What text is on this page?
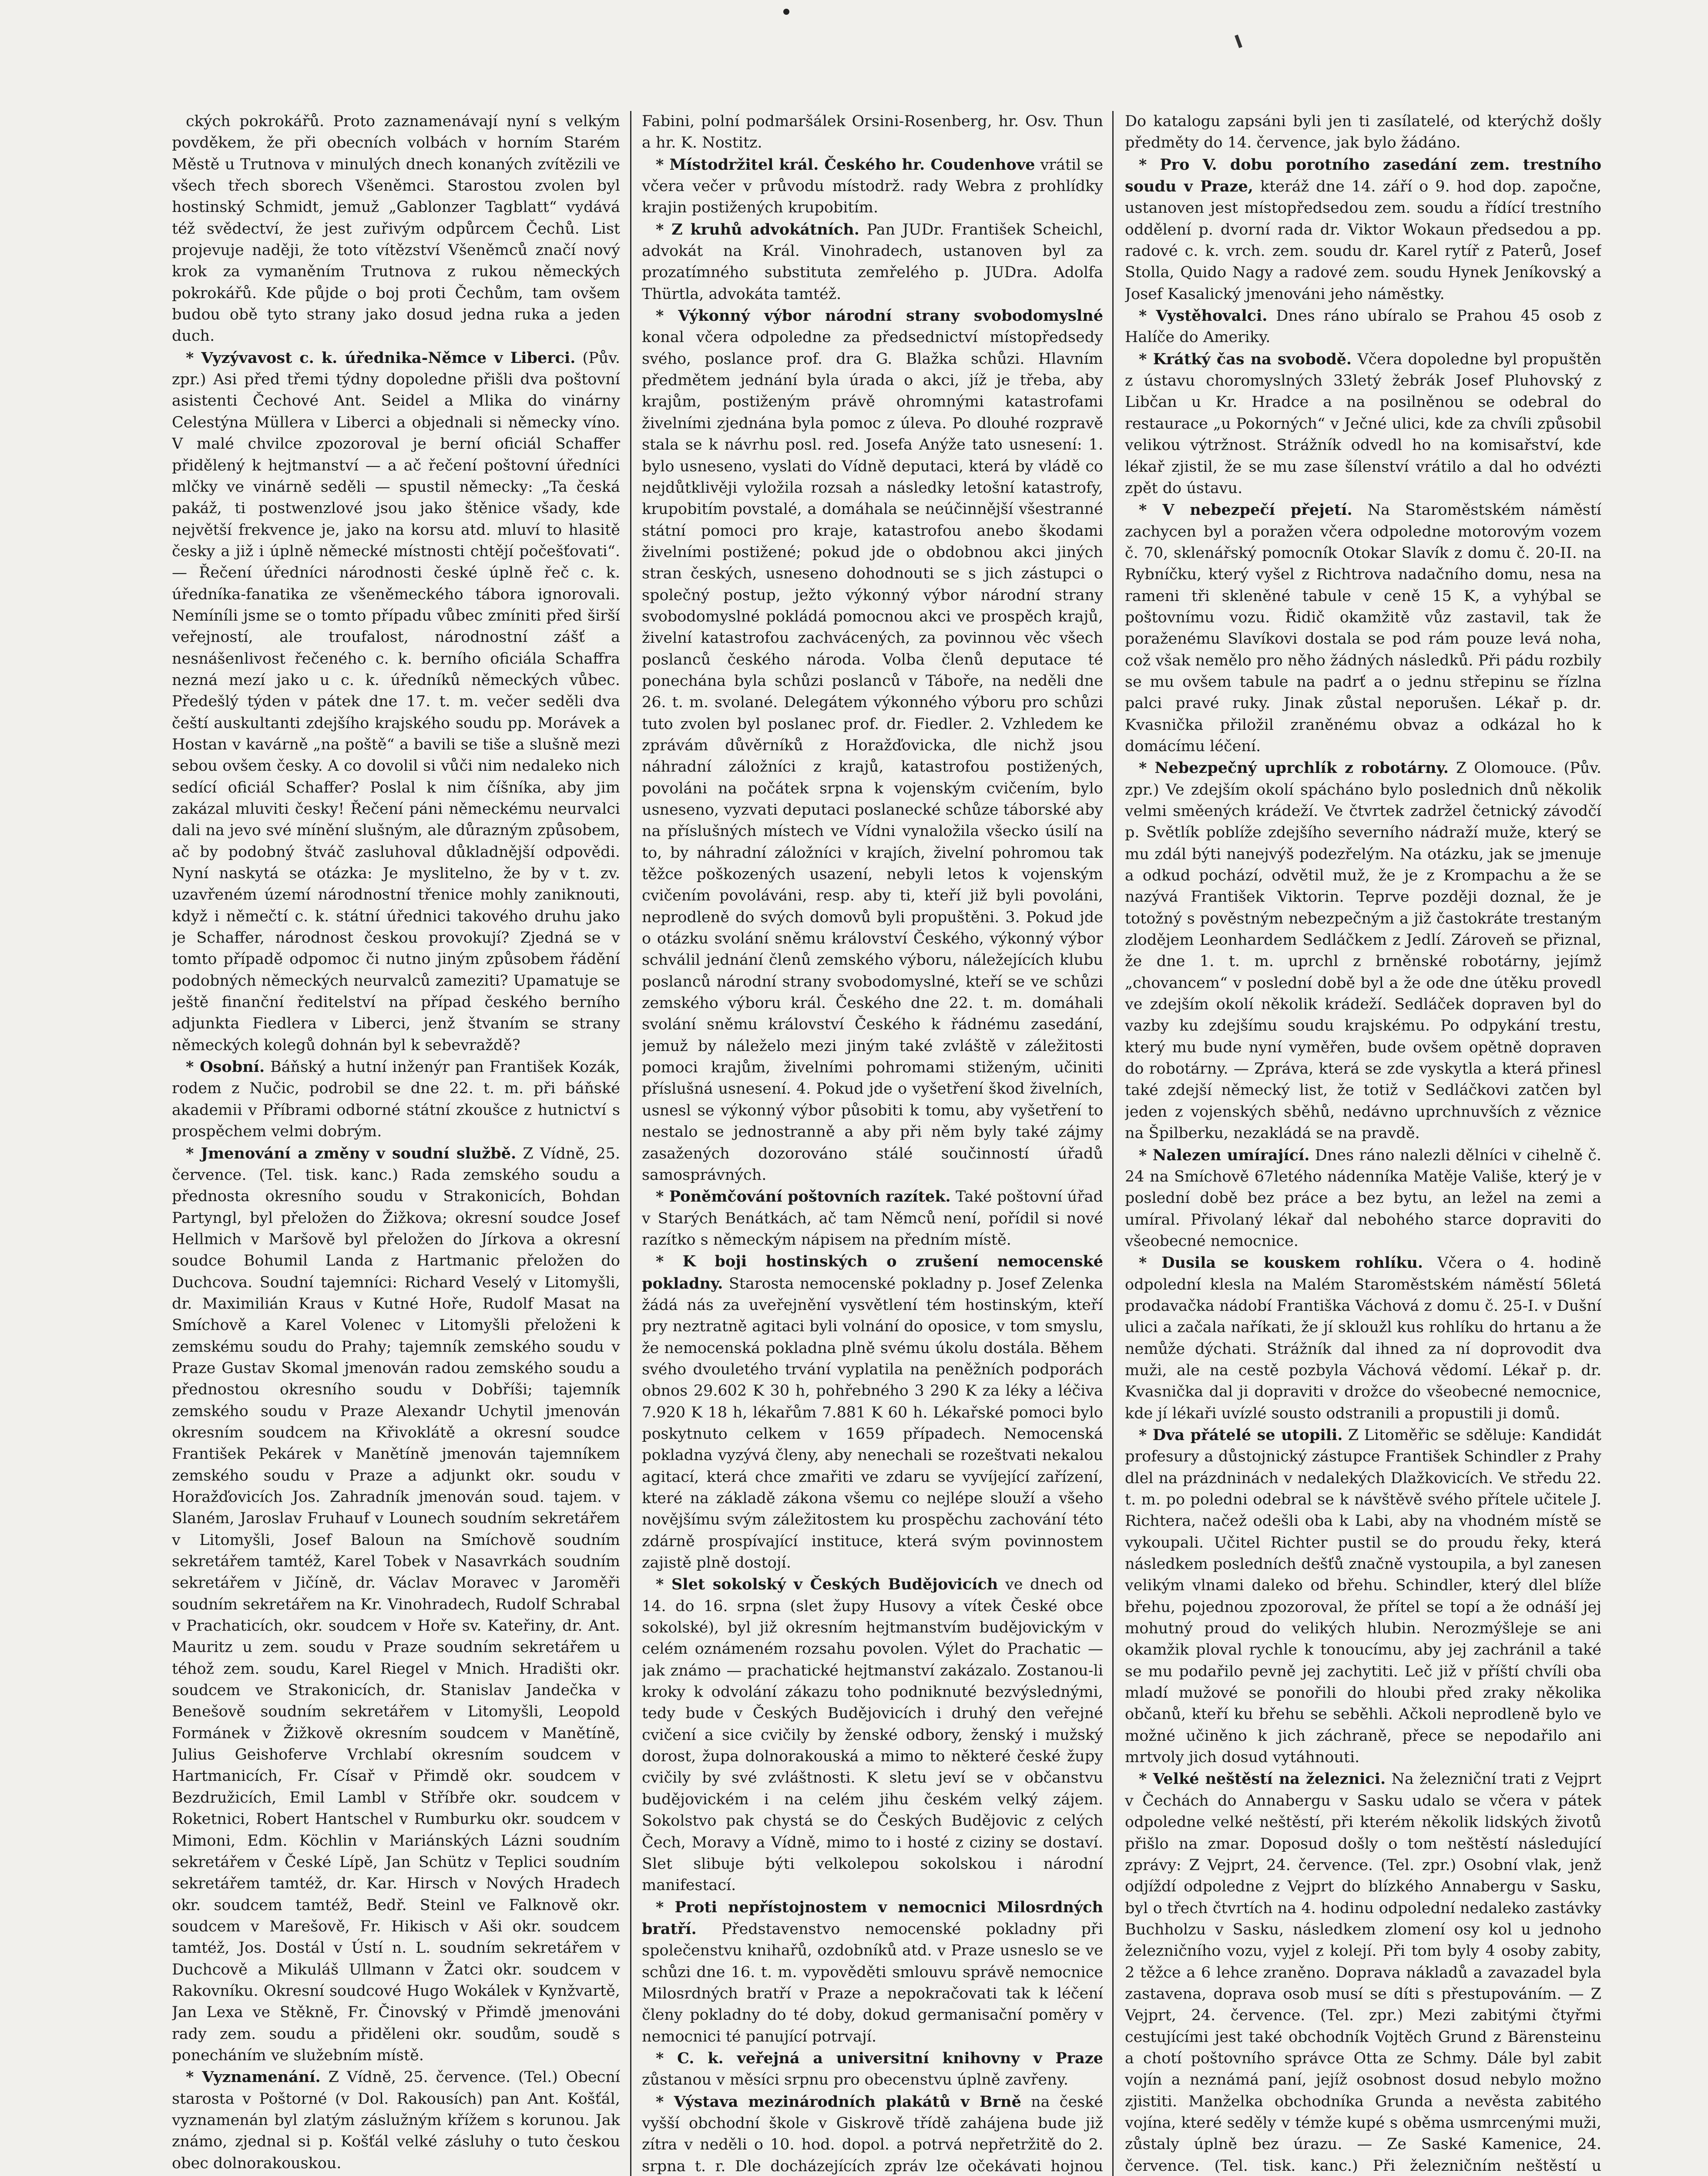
ckých pokrokářů. Proto zaznamenávají nyní s velkým povděkem, že při obecních volbách v horním Starém Městě u Trutnova v minulých dnech konaných zvítězili ve všech třech sborech Všeněmci. Starostou zvolen byl hostinský Schmidt, jemuž „Gablonzer Tagblatt“ vydává též svědectví, že jest zuřivým odpůrcem Čechů. List projevuje naději, že toto vítězství Všeněmců značí nový krok za vymaněním Trutnova z rukou německých pokrokářů. Kde půjde o boj proti Čechům, tam ovšem budou obě tyto strany jako dosud jedna ruka a jeden duch.

* Vyzývavost c. k. úřednika-Němce v Liberci. (Pův. zpr.) Asi před třemi týdny dopoledne přišli dva poštovní asistenti Čechové Ant. Seidel a Mlika do vinárny Celestýna Müllera v Liberci a objednali si německy víno. V malé chvilce zpozoroval je berní oficiál Schaffer přidělený k hejtmanství — a ač řečení poštovní úředníci mlčky ve vinárně seděli — spustil německy: „Ta česká pakáž, ti postwenzlové jsou jako štěnice všady, kde největší frekvence je, jako na korsu atd. mluví to hlasitě česky a již i úplně německé místnosti chtějí počešťovati“. — Řečení úředníci národnosti české úplně řeč c. k. úředníka-fanatika ze všeněmeckého tábora ignorovali. Nemíníli jsme se o tomto případu vůbec zmíniti před širší veřejností, ale troufalost, národnostní zášť a nesnášenlivost řečeného c. k. berního oficiála Schaffra nezná mezí jako u c. k. úředníků německých vůbec. Předešlý týden v pátek dne 17. t. m. večer seděli dva čeští auskultanti zdejšího krajského soudu pp. Morávek a Hostan v kavárně „na poště“ a bavili se tiše a slušně mezi sebou ovšem česky. A co dovolil si vůči nim nedaleko nich sedící oficiál Schaffer? Poslal k nim číšníka, aby jim zakázal mluviti česky! Řečení páni německému neurvalci dali na jevo své mínění slušným, ale důrazným způsobem, ač by podobný štváč zasluhoval důkladnější odpovědi. Nyní naskytá se otázka: Je myslitelno, že by v t. zv. uzavřeném území národnostní třenice mohly zaniknouti, když i němečtí c. k. státní úřednici takového druhu jako je Schaffer, národnost českou provokují? Zjedná se v tomto případě odpomoc či nutno jiným způsobem řádění podobných německých neurvalců zameziti? Upamatuje se ještě finanční ředitelství na případ českého berního adjunkta Fiedlera v Liberci, jenž štvaním se strany německých kolegů dohnán byl k sebevraždě?

* Osobní. Báňský a hutní inženýr pan František Kozák, rodem z Nučic, podrobil se dne 22. t. m. při báňské akademii v Příbrami odborné státní zkoušce z hutnictví s prospěchem velmi dobrým.

* Jmenování a změny v soudní službě. Z Vídně, 25. července. (Tel. tisk. kanc.) Rada zemského soudu a přednosta okresního soudu v Strakonicích, Bohdan Partyngl, byl přeložen do Žižkova; okresní soudce Josef Hellmich v Maršově byl přeložen do Jírkova a okresní soudce Bohumil Landa z Hartmanic přeložen do Duchcova. Soudní tajemníci: Richard Veselý v Litomyšli, dr. Maximilián Kraus v Kutné Hoře, Rudolf Masat na Smíchově a Karel Volenec v Litomyšli přeloženi k zemskému soudu do Prahy; tajemník zemského soudu v Praze Gustav Skomal jmenován radou zemského soudu a přednostou okresního soudu v Dobříši; tajemník zemského soudu v Praze Alexandr Uchytil jmenován okresním soudcem na Křivoklátě a okresní soudce František Pekárek v Manětíně jmenován tajemníkem zemského soudu v Praze a adjunkt okr. soudu v Horažďovicích Jos. Zahradník jmenován soud. tajem. v Slaném, Jaroslav Fruhauf v Lounech soudním sekretářem v Litomyšli, Josef Baloun na Smíchově soudním sekretářem tamtéž, Karel Tobek v Nasavrkách soudním sekretářem v Jičíně, dr. Václav Moravec v Jaroměři soudním sekretářem na Kr. Vinohradech, Rudolf Schrabal v Prachaticích, okr. soudcem v Hoře sv. Kateřiny, dr. Ant. Mauritz u zem. soudu v Praze soudním sekretářem u téhož zem. soudu, Karel Riegel v Mnich. Hradišti okr. soudcem ve Strakonicích, dr. Stanislav Jandečka v Benešově soudním sekretářem v Litomyšli, Leopold Formánek v Žižkově okresním soudcem v Manětíně, Julius Geishoferve Vrchlabí okresním soudcem v Hartmanicích, Fr. Císař v Přimdě okr. soudcem v Bezdružicích, Emil Lambl v Stříbře okr. soudcem v Roketnici, Robert Hantschel v Rumburku okr. soudcem v Mimoni, Edm. Köchlin v Mariánských Lázni soudním sekretářem v České Lípě, Jan Schütz v Teplici soudním sekretářem tamtéž, dr. Kar. Hirsch v Nových Hradech okr. soudcem tamtéž, Bedř. Steinl ve Falknově okr. soudcem v Marešově, Fr. Hikisch v Aši okr. soudcem tamtéž, Jos. Dostál v Ústí n. L. soudním sekretářem v Duchcově a Mikuláš Ullmann v Žatci okr. soudcem v Rakovníku. Okresní soudcové Hugo Wokálek v Kynžvartě, Jan Lexa ve Stěkně, Fr. Činovský v Přimdě jmenováni rady zem. soudu a přiděleni okr. soudům, soudě s ponecháním ve služebním místě.

* Vyznamenání. Z Vídně, 25. července. (Tel.) Obecní starosta v Poštorné (v Dol. Rakousích) pan Ant. Košťál, vyznamenán byl zlatým záslužným křížem s korunou. Jak známo, zjednal si p. Košťál velké zásluhy o tuto českou obec dolnorakouskou.

Fabini, polní podmaršálek Orsini-Rosenberg, hr. Osv. Thun a hr. K. Nostitz.

* Místodržitel král. Českého hr. Coudenhove vrátil se včera večer v průvodu místodrž. rady Webra z prohlídky krajin postižených krupobitím.

* Z kruhů advokátních. Pan JUDr. František Scheichl, advokát na Král. Vinohradech, ustanoven byl za prozatímného substituta zemřelého p. JUDra. Adolfa Thürtla, advokáta tamtéž.

* Výkonný výbor národní strany svobodomyslné konal včera odpoledne za předsednictví místopředsedy svého, poslance prof. dra G. Blažka schůzi. Hlavním předmětem jednání byla úrada o akci, jíž je třeba, aby krajům, postiženým právě ohromnými katastrofami živelními zjednána byla pomoc z úleva. Po dlouhé rozpravě stala se k návrhu posl. red. Josefa Anýže tato usnesení: 1. bylo usneseno, vyslati do Vídně deputaci, která by vládě co nejdůtklivěji vyložila rozsah a následky letošní katastrofy, krupobitím povstalé, a domáhala se neúčinnější všestranné státní pomoci pro kraje, katastrofou anebo škodami živelními postižené; pokud jde o obdobnou akci jiných stran českých, usneseno dohodnouti se s jich zástupci o společný postup, ježto výkonný výbor národní strany svobodomyslné pokládá pomocnou akci ve prospěch krajů, živelní katastrofou zachvácených, za povinnou věc všech poslanců českého národa. Volba členů deputace té ponechána byla schůzi poslanců v Táboře, na neděli dne 26. t. m. svolané. Delegátem výkonného výboru pro schůzi tuto zvolen byl poslanec prof. dr. Fiedler. 2. Vzhledem ke zprávám důvěrníků z Horažďovicka, dle nichž jsou náhradní záložníci z krajů, katastrofou postižených, povoláni na počátek srpna k vojenským cvičením, bylo usneseno, vyzvati deputaci poslanecké schůze táborské aby na příslušných místech ve Vídni vynaložila všecko úsilí na to, by náhradní záložníci v krajích, živelní pohromou tak těžce poškozených usazení, nebyli letos k vojenským cvičením povoláváni, resp. aby ti, kteří již byli povoláni, neprodleně do svých domovů byli propuštěni. 3. Pokud jde o otázku svolání sněmu království Českého, výkonný výbor schválil jednání členů zemského výboru, náležejících klubu poslanců národní strany svobodomyslné, kteří se ve schůzi zemského výboru král. Českého dne 22. t. m. domáhali svolání sněmu království Českého k řádnému zasedání, jemuž by náleželo mezi jiným také zvláště v záležitosti pomoci krajům, živelními pohromami stiženým, učiniti příslušná usnesení. 4. Pokud jde o vyšetření škod živelních, usnesl se výkonný výbor působiti k tomu, aby vyšetření to nestalo se jednostranně a aby při něm byly také zájmy zasažených dozorováno stálé součinností úřadů samosprávných.

* Poněmčování poštovních razítek. Také poštovní úřad v Starých Benátkách, ač tam Němců není, pořídil si nové razítko s německým nápisem na předním místě.

* K boji hostinských o zrušení nemocenské pokladny. Starosta nemocenské pokladny p. Josef Zelenka žádá nás za uveřejnění vysvětlení tém hostinským, kteří pry neztratně agitaci byli volnání do oposice, v tom smyslu, že nemocenská pokladna plně svému úkolu dostála. Během svého dvouletého trvání vyplatila na peněžních podporách obnos 29.602 K 30 h, pohřebného 3 290 K za léky a léčiva 7.920 K 18 h, lékařům 7.881 K 60 h. Lékařské pomoci bylo poskytnuto celkem v 1659 případech. Nemocenská pokladna vyzývá členy, aby nenechali se rozeštvati nekalou agitací, která chce zmařiti ve zdaru se vyvíjející zařízení, které na základě zákona všemu co nejlépe slouží a všeho novějšímu svým záležitostem ku prospěchu zachování této zdárně prospívající instituce, která svým povinnostem zajistě plně dostojí.

* Slet sokolský v Českých Budějovicích ve dnech od 14. do 16. srpna (slet župy Husovy a vítek České obce sokolské), byl již okresním hejtmanstvím budějovickým v celém oznámeném rozsahu povolen. Výlet do Prachatic — jak známo — prachatické hejtmanství zakázalo. Zostanou-li kroky k odvolání zákazu toho podniknuté bezvýslednými, tedy bude v Českých Budějovicích i druhý den veřejné cvičení a sice cvičily by ženské odbory, ženský i mužský dorost, župa dolnorakouská a mimo to některé české župy cvičily by své zvláštnosti. K sletu jeví se v občanstvu budějovickém i na celém jihu českém velký zájem. Sokolstvo pak chystá se do Českých Budějovic z celých Čech, Moravy a Vídně, mimo to i hosté z ciziny se dostaví. Slet slibuje býti velkolepou sokolskou i národní manifestací.

* Proti nepřístojnostem v nemocnici Milosrdných bratří. Představenstvo nemocenské pokladny při společenstvu knihařů, ozdobníků atd. v Praze usneslo se ve schůzi dne 16. t. m. vypověděti smlouvu správě nemocnice Milosrdných bratří v Praze a nepokračovati tak k léčení členy pokladny do té doby, dokud germanisační poměry v nemocnici té panující potrvají.

* C. k. veřejná a universitní knihovny v Praze zůstanou v měsíci srpnu pro obecenstvu úplně zavřeny.

* Výstava mezinárodních plakátů v Brně na české vyšší obchodní škole v Giskrově třídě zahájena bude již zítra v neděli o 10. hod. dopol. a potrvá nepřetržitě do 2. srpna t. r. Dle docházejících zpráv lze očekávati hojnou

Do katalogu zapsáni byli jen ti zasílatelé, od kterýchž došly předměty do 14. července, jak bylo žádáno.

* Pro V. dobu porotního zasedání zem. trestního soudu v Praze, kteráž dne 14. září o 9. hod dop. započne, ustanoven jest místopředsedou zem. soudu a řídící trestního oddělení p. dvorní rada dr. Viktor Wokaun předsedou a pp. radové c. k. vrch. zem. soudu dr. Karel rytíř z Paterů, Josef Stolla, Quido Nagy a radové zem. soudu Hynek Jeníkovský a Josef Kasalický jmenováni jeho náměstky.

* Vystěhovalci. Dnes ráno ubíralo se Prahou 45 osob z Halíče do Ameriky.

* Krátký čas na svobodě. Včera dopoledne byl propuštěn z ústavu choromyslných 33letý žebrák Josef Pluhovský z Libčan u Kr. Hradce a na posilněnou se odebral do restaurace „u Pokorných“ v Ječné ulici, kde za chvíli způsobil velikou výtržnost. Strážník odvedl ho na komisařství, kde lékař zjistil, že se mu zase šílenství vrátilo a dal ho odvézti zpět do ústavu.

* V nebezpečí přejetí. Na Staroměstském náměstí zachycen byl a poražen včera odpoledne motorovým vozem č. 70, sklenářský pomocník Otokar Slavík z domu č. 20-II. na Rybníčku, který vyšel z Richtrova nadačního domu, nesa na rameni tři skleněné tabule v ceně 15 K, a vyhýbal se poštovnímu vozu. Řidič okamžitě vůz zastavil, tak že poraženému Slavíkovi dostala se pod rám pouze levá noha, což však nemělo pro něho žádných následků. Při pádu rozbily se mu ovšem tabule na padrť a o jednu střepinu se řízlna palci pravé ruky. Jinak zůstal neporušen. Lékař p. dr. Kvasnička přiložil zraněnému obvaz a odkázal ho k domácímu léčení.

* Nebezpečný uprchlík z robotárny. Z Olomouce. (Pův. zpr.) Ve zdejším okolí spácháno bylo poslednich dnů několik velmi směených krádeží. Ve čtvrtek zadržel četnický závodčí p. Světlík poblíže zdejšího severního nádraží muže, který se mu zdál býti nanejvýš podezřelým. Na otázku, jak se jmenuje a odkud pochází, odvětil muž, že je z Krompachu a že se nazývá František Viktorin. Teprve později doznal, že je totožný s pověstným nebezpečným a již častokráte trestaným zlodějem Leonhardem Sedláčkem z Jedlí. Zároveň se přiznal, že dne 1. t. m. uprchl z brněnské robotárny, jejímž „chovancem“ v poslední době byl a že ode dne útěku provedl ve zdejším okolí několik krádeží. Sedláček dopraven byl do vazby ku zdejšímu soudu krajskému. Po odpykání trestu, který mu bude nyní vyměřen, bude ovšem opětně dopraven do robotárny. — Zpráva, která se zde vyskytla a která přinesl také zdejší německý list, že totiž v Sedláčkovi zatčen byl jeden z vojenských sběhů, nedávno uprchnuvších z věznice na Špilberku, nezakládá se na pravdě.

* Nalezen umírající. Dnes ráno nalezli dělníci v cihelně č. 24 na Smíchově 67letého nádenníka Matěje Vališe, který je v poslední době bez práce a bez bytu, an ležel na zemi a umíral. Přivolaný lékař dal nebohého starce dopraviti do všeobecné nemocnice.

* Dusila se kouskem rohlíku. Včera o 4. hodině odpolední klesla na Malém Staroměstském náměstí 56letá prodavačka nádobí Františka Váchová z domu č. 25-I. v Dušní ulici a začala naříkati, že jí skloužl kus rohlíku do hrtanu a že nemůže dýchati. Strážník dal ihned za ní doprovodit dva muži, ale na cestě pozbyla Váchová vědomí. Lékař p. dr. Kvasnička dal ji dopraviti v drožce do všeobecné nemocnice, kde jí lékaři uvízlé sousto odstranili a propustili ji domů.

* Dva přátelé se utopili. Z Litoměřic se sděluje: Kandidát profesury a důstojnický zástupce František Schindler z Prahy dlel na prázdninách v nedalekých Dlažkovicích. Ve středu 22. t. m. po poledni odebral se k návštěvě svého přítele učitele J. Richtera, načež odešli oba k Labi, aby na vhodném místě se vykoupali. Učitel Richter pustil se do proudu řeky, která následkem posledních dešťů značně vystoupila, a byl zanesen velikým vlnami daleko od břehu. Schindler, který dlel blíže břehu, pojednou zpozoroval, že přítel se topí a že odnáší jej mohutný proud do velikých hlubin. Nerozmýšleje se ani okamžik ploval rychle k tonoucímu, aby jej zachránil a také se mu podařilo pevně jej zachytiti. Leč již v příští chvíli oba mladí mužové se ponořili do hloubi před zraky několika občanů, kteří ku břehu se seběhli. Ačkoli neprodleně bylo ve možné učiněno k jich záchraně, přece se nepodařilo ani mrtvoly jich dosud vytáhnouti.

* Velké neštěstí na železnici. Na železniční trati z Vejprt v Čechách do Annabergu v Sasku udalo se včera v pátek odpoledne velké neštěstí, při kterém několik lidských životů přišlo na zmar. Doposud došly o tom neštěstí následující zprávy: Z Vejprt, 24. července. (Tel. zpr.) Osobní vlak, jenž odjíždí odpoledne z Vejprt do blízkého Annabergu v Sasku, byl o třech čtvrtích na 4. hodinu odpolední nedaleko zastávky Buchholzu v Sasku, následkem zlomení osy kol u jednoho železničního vozu, vyjel z kolejí. Při tom byly 4 osoby zabity, 2 těžce a 6 lehce zraněno. Doprava nákladů a zavazadel byla zastavena, doprava osob musí se díti s přestupováním. — Z Vejprt, 24. července. (Tel. zpr.) Mezi zabitými čtyřmi cestujícími jest také obchodník Vojtěch Grund z Bärensteinu a chotí poštovního správce Otta ze Schmy. Dále byl zabit vojín a neznámá paní, jejíž osobnost dosud nebylo možno zjistiti. Manželka obchodníka Grunda a nevěsta zabitého vojína, které seděly v témže kupé s oběma usmrcenými muži, zůstaly úplně bez úrazu. — Ze Saské Kamenice, 24. července. (Tel. tisk. kanc.) Při železničním neštěstí u
